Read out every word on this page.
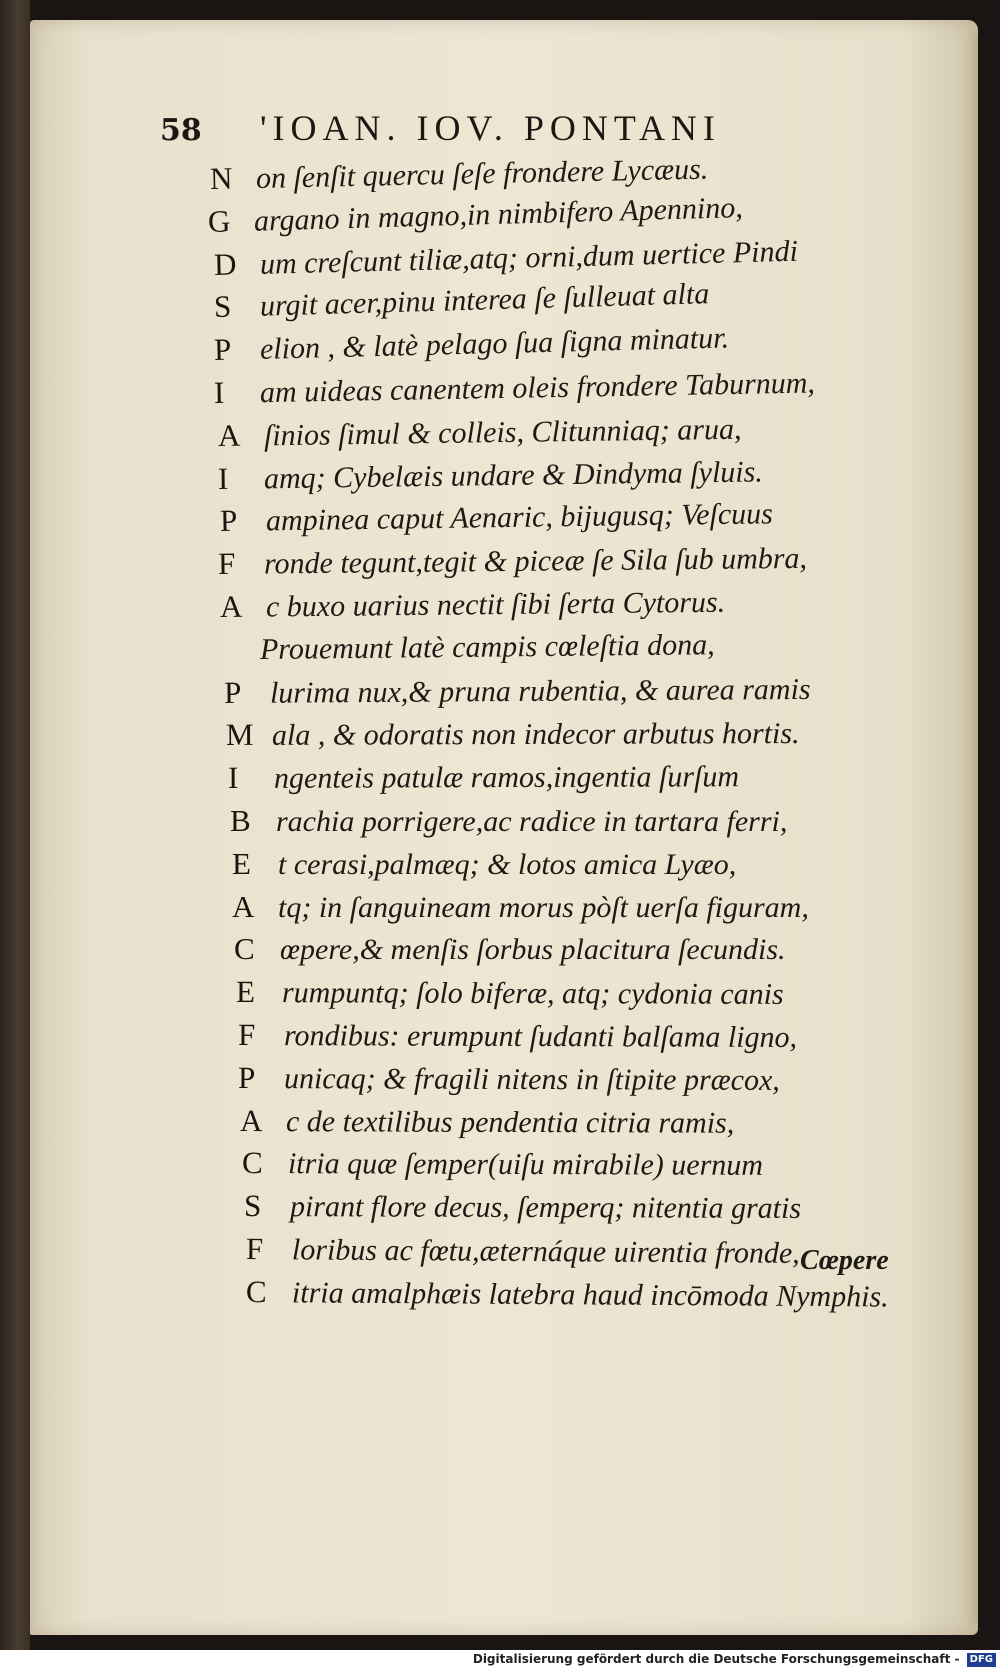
58 'IOAN. IOV. PONTANI
N on ſenſit quercu ſeſe frondere Lycæus.
G argano in magno,in nimbifero Apennino,
D um creſcunt tiliæ,atq; orni,dum uertice Pindi
S urgit acer,pinu interea ſe ſulleuat alta
P elion , & latè pelago ſua ſigna minatur.
I am uideas canentem oleis frondere Taburnum,
A ſinios ſimul & colleis, Clitunniaq; arua,
I amq; Cybelæis undare & Dindyma ſyluis.
P ampinea caput Aenaric, bijugusq; Veſcuus
F ronde tegunt,tegit & piceæ ſe Sila ſub umbra,
A c buxo uarius nectit ſibi ſerta Cytorus.
Prouemunt latè campis cœleſtia dona,
P lurima nux,& pruna rubentia, & aurea ramis
M ala , & odoratis non indecor arbutus hortis.
I ngenteis patulæ ramos,ingentia ſurſum
B rachia porrigere,ac radice in tartara ferri,
E t cerasi,palmæq; & lotos amica Lyæo,
A tq; in ſanguineam morus pòſt uerſa figuram,
C œpere,& menſis ſorbus placitura ſecundis.
E rumpuntq; ſolo biferæ, atq; cydonia canis
F rondibus: erumpunt ſudanti balſama ligno,
P unicaq; & fragili nitens in ſtipite præcox,
A c de textilibus pendentia citria ramis,
C itria quæ ſemper(uiſu mirabile) uernum
S pirant flore decus, ſemperq; nitentia gratis
F loribus ac fœtu,æternáque uirentia fronde,
C itria amalphæis latebra haud incōmoda Nymphis.
Cœpere
Digitalisierung gefördert durch die Deutsche Forschungsgemeinschaft - DFG
